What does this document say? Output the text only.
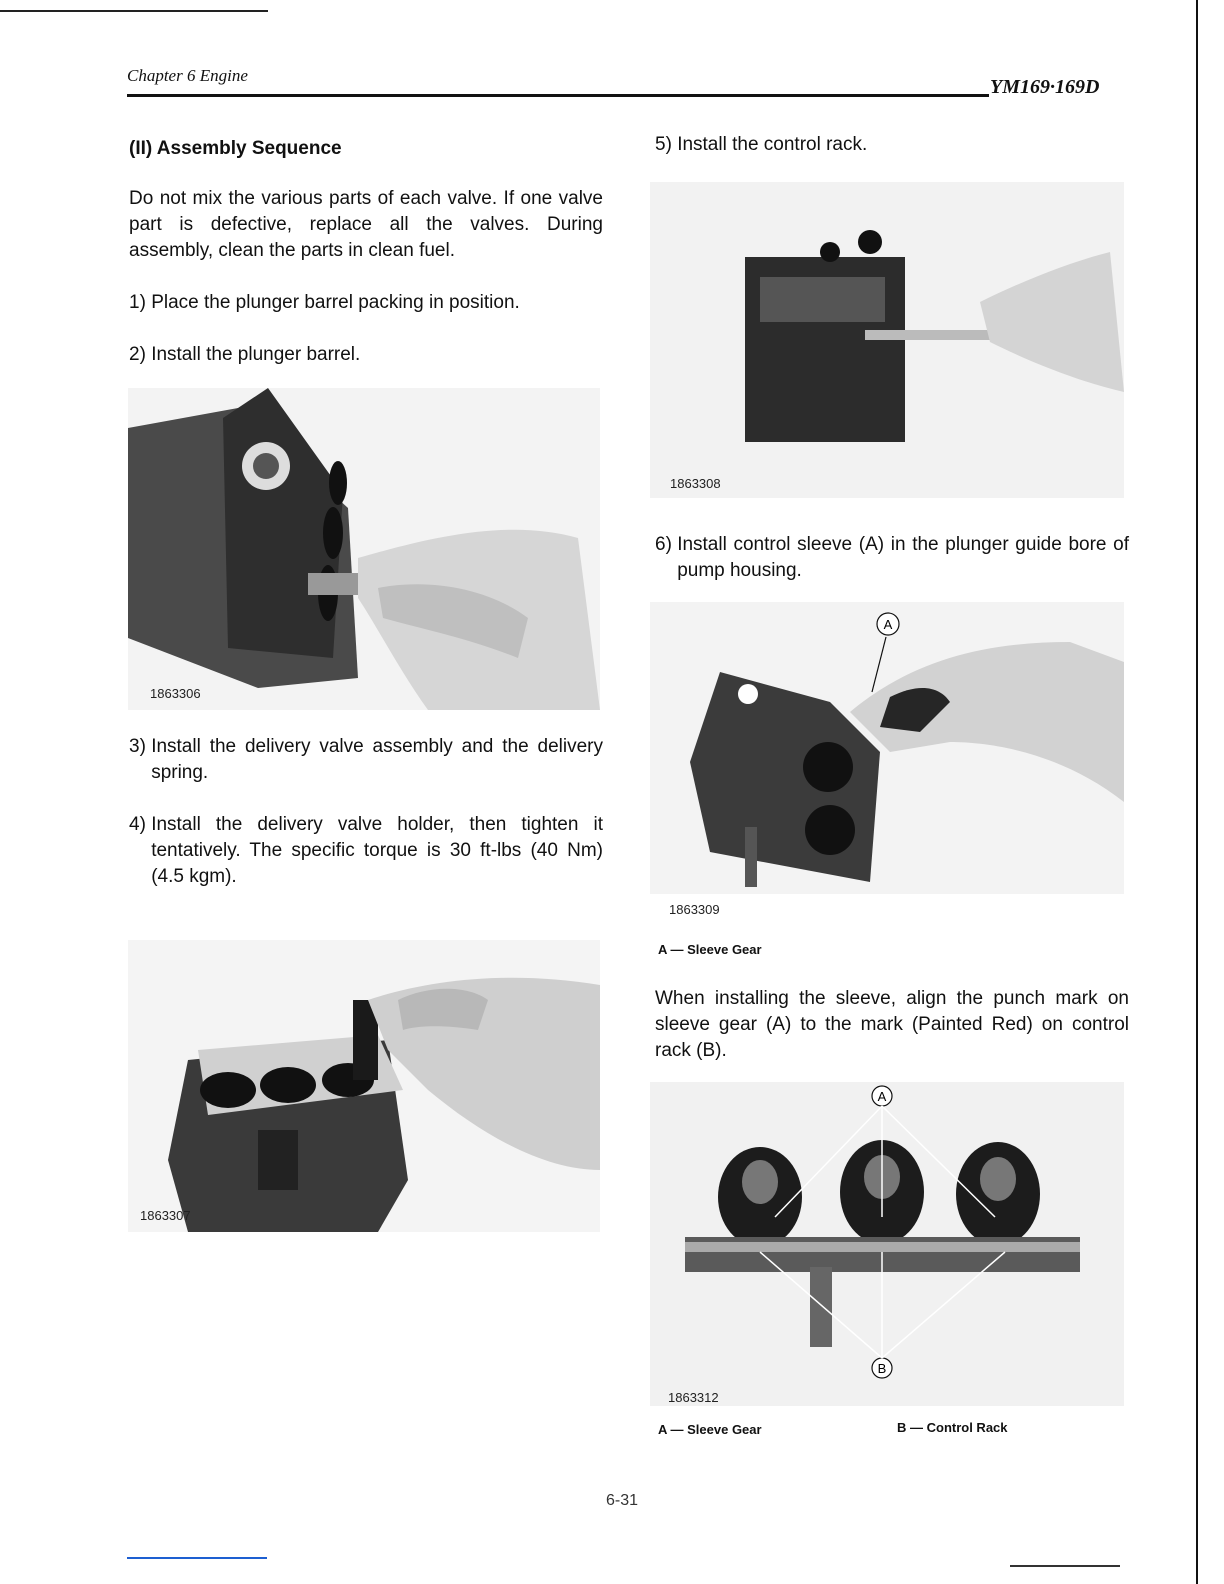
Chapter 6 Engine
YM169·169D
(II) Assembly Sequence
Do not mix the various parts of each valve. If one valve part is defective, replace all the valves. During assembly, clean the parts in clean fuel.
1) Place the plunger barrel packing in position.
2) Install the plunger barrel.
1863306
3) Install the delivery valve assembly and the delivery spring.
4) Install the delivery valve holder, then tighten it tentatively. The specific torque is 30 ft-lbs (40 Nm) (4.5 kgm).
1863307
5) Install the control rack.
1863308
6) Install control sleeve (A) in the plunger guide bore of pump housing.
A
1863309
A — Sleeve Gear
When installing the sleeve, align the punch mark on sleeve gear (A) to the mark (Painted Red) on control rack (B).
A
B
1863312
A — Sleeve Gear	B — Control Rack
6-31
